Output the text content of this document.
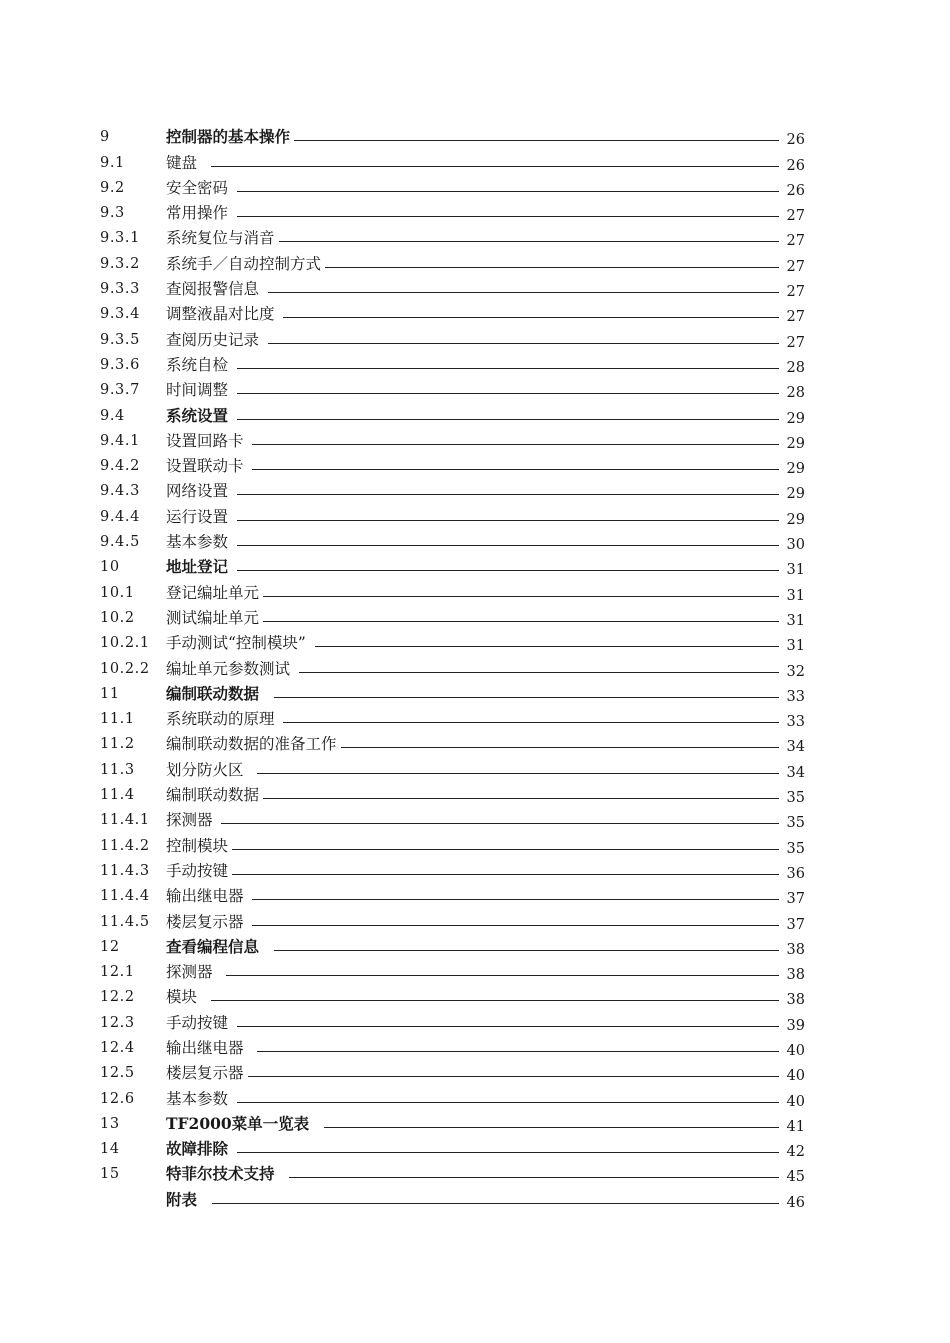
9	控制器的基本操作	26
9.1	键盘	26
9.2	安全密码	26
9.3	常用操作	27
9.3.1	系统复位与消音	27
9.3.2	系统手／自动控制方式	27
9.3.3	查阅报警信息	27
9.3.4	调整液晶对比度	27
9.3.5	查阅历史记录	27
9.3.6	系统自检	28
9.3.7	时间调整	28
9.4	系统设置	29
9.4.1	设置回路卡	29
9.4.2	设置联动卡	29
9.4.3	网络设置	29
9.4.4	运行设置	29
9.4.5	基本参数	30
10	地址登记	31
10.1	登记编址单元	31
10.2	测试编址单元	31
10.2.1	手动测试“控制模块”	31
10.2.2	编址单元参数测试	32
11	编制联动数据	33
11.1	系统联动的原理	33
11.2	编制联动数据的准备工作	34
11.3	划分防火区	34
11.4	编制联动数据	35
11.4.1	探测器	35
11.4.2	控制模块	35
11.4.3	手动按键	36
11.4.4	输出继电器	37
11.4.5	楼层复示器	37
12	查看编程信息	38
12.1	探测器	38
12.2	模块	38
12.3	手动按键	39
12.4	输出继电器	40
12.5	楼层复示器	40
12.6	基本参数	40
13	TF2000菜单一览表	41
14	故障排除	42
15	特菲尔技术支持	45
附表	46
